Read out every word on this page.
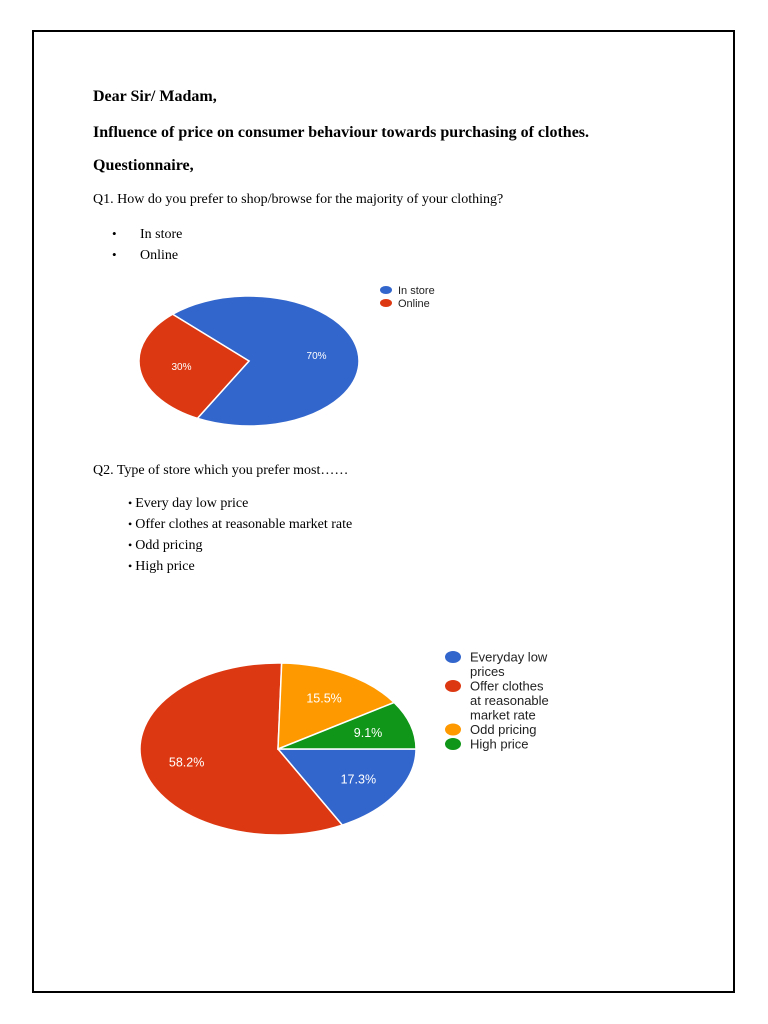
Dear Sir/ Madam,
Influence of price on consumer behaviour towards purchasing of clothes.
Questionnaire,
Q1. How do you prefer to shop/browse for the majority of your clothing?
• In store
• Online
70%
30%
In store
Online
Q2. Type of store which you prefer most……
• Every day low price
• Offer clothes at reasonable market rate
• Odd pricing
• High price
17.3%
58.2%
15.5%
9.1%
Everyday low
prices
Offer clothes
at reasonable
market rate
Odd pricing
High price
